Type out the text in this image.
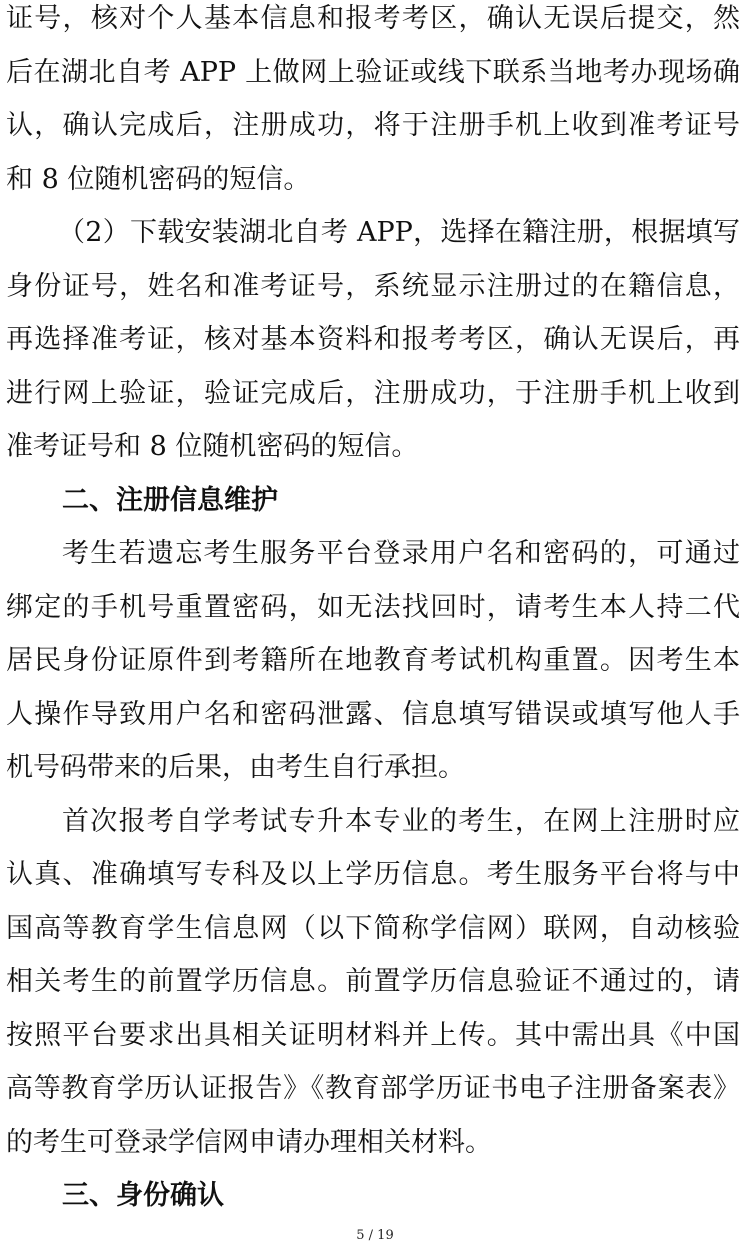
证号，核对个人基本信息和报考考区，确认无误后提交，然
后在湖北自考 APP 上做网上验证或线下联系当地考办现场确
认，确认完成后，注册成功，将于注册手机上收到准考证号
和 8 位随机密码的短信。
（2）下载安装湖北自考 APP，选择在籍注册，根据填写
身份证号，姓名和准考证号，系统显示注册过的在籍信息，
再选择准考证，核对基本资料和报考考区，确认无误后，再
进行网上验证，验证完成后，注册成功，于注册手机上收到
准考证号和 8 位随机密码的短信。
二、注册信息维护
考生若遗忘考生服务平台登录用户名和密码的，可通过
绑定的手机号重置密码，如无法找回时，请考生本人持二代
居民身份证原件到考籍所在地教育考试机构重置。因考生本
人操作导致用户名和密码泄露、信息填写错误或填写他人手
机号码带来的后果，由考生自行承担。
首次报考自学考试专升本专业的考生，在网上注册时应
认真、准确填写专科及以上学历信息。考生服务平台将与中
国高等教育学生信息网（以下简称学信网）联网，自动核验
相关考生的前置学历信息。前置学历信息验证不通过的，请
按照平台要求出具相关证明材料并上传。其中需出具《中国
高等教育学历认证报告》《教育部学历证书电子注册备案表》
的考生可登录学信网申请办理相关材料。
三、身份确认
5 / 19
